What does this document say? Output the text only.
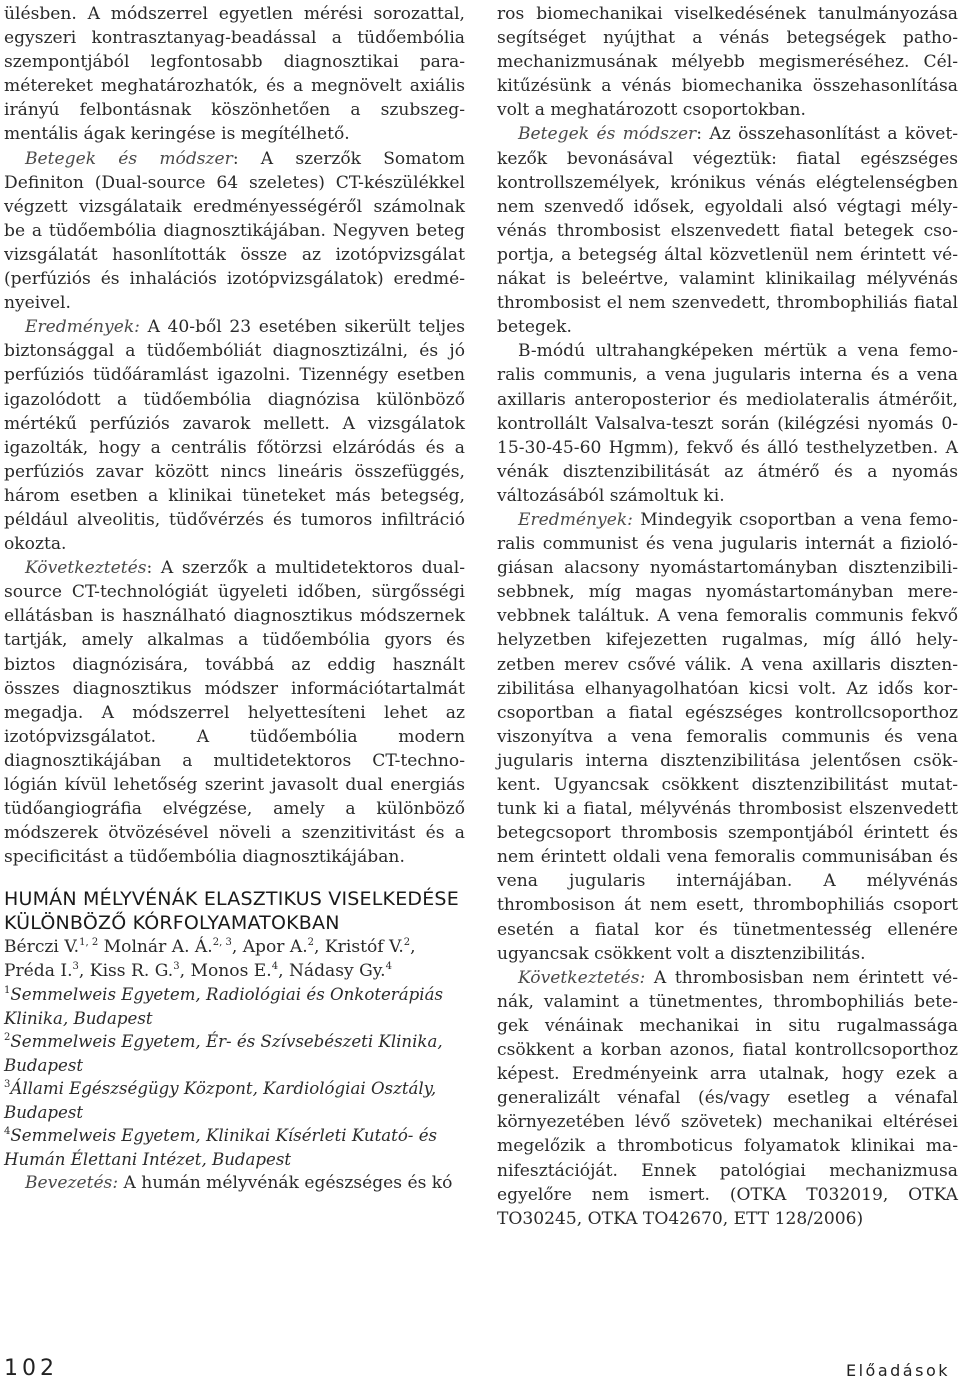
ülésben. A módszerrel egyetlen mérési sorozattal, egyszeri kontrasztanyag-beadással a tüdőembólia szempontjából legfontosabb diagnosztikai paramétereket meghatározhatók, és a megnövelt axiális irányú felbontásnak köszönhetően a szubszegmentális ágak keringése is megítélhető.

Betegek és módszer: A szerzők Somatom Definiton (Dual-source 64 szeletes) CT-készülékkel végzett vizsgálataik eredményességéről számolnak be a tüdőembólia diagnosztikájában. Negyven beteg vizsgálatát hasonlították össze az izotópvizsgálat (perfúziós és inhalációs izotópvizsgálatok) eredményeivel.

Eredmények: A 40-ből 23 esetében sikerült teljes biztonsággal a tüdőembóliát diagnosztizálni, és jó perfúziós tüdőáramlást igazolni. Tizennégy esetben igazolódott a tüdőembólia diagnózisa különböző mértékű perfúziós zavarok mellett. A vizsgálatok igazolták, hogy a centrális főtörzsi elzáródás és a perfúziós zavar között nincs lineáris összefüggés, három esetben a klinikai tüneteket más betegség, például alveolitis, tüdővérzés és tumoros infiltráció okozta.

Következtetés: A szerzők a multidetektoros dualsource CT-technológiát ügyeleti időben, sürgősségi ellátásban is használható diagnosztikus módszernek tartják, amely alkalmas a tüdőembólia gyors és biztos diagnózisára, továbbá az eddig használt összes diagnosztikus módszer információtartalmát megadja. A módszerrel helyettesíteni lehet az izotópvizsgálatot. A tüdőembólia modern diagnosztikájában a multidetektoros CT-technológián kívül lehetőség szerint javasolt dual energiás tüdőangiográfia elvégzése, amely a különböző módszerek ötvözésével növeli a szenzitivitást és a specificitást a tüdőembólia diagnosztikájában.

HUMÁN MÉLYVÉNÁK ELASZTIKUS VISELKEDÉSE KÜLÖNBÖZŐ KÓRFOLYAMATOKBAN
Bérczi V.$^{1, 2}$ Molnár A. Á.$^{2, 3}$, Apor A.$^2$, Kristóf V.$^2$, Préda I.$^3$, Kiss R. G.$^3$, Monos E.$^4$, Nádasy Gy.$^4$
$^1$Semmelweis Egyetem, Radiológiai és Onkoterápiás Klinika, Budapest
$^2$Semmelweis Egyetem, Ér- és Szívsebészeti Klinika, Budapest
$^3$Állami Egészségügy Központ, Kardiológiai Osztály, Budapest
$^4$Semmelweis Egyetem, Klinikai Kísérleti Kutató- és Humán Élettani Intézet, Budapest

Bevezetés: A humán mélyvénák egészséges és kó

ros biomechanikai viselkedésének tanulmányozása segítséget nyújthat a vénás betegségek pathomechanizmusának mélyebb megismeréséhez. Célkitűzésünk a vénás biomechanika összehasonlítása volt a meghatározott csoportokban.

Betegek és módszer: Az összehasonlítást a következők bevonásával végeztük: fiatal egészséges kontrollszemélyek, krónikus vénás elégtelenségben nem szenvedő idősek, egyoldali alsó végtagi mélyvénás thrombosist elszenvedett fiatal betegek csoportja, a betegség által közvetlenül nem érintett vénákat is beleértve, valamint klinikailag mélyvénás thrombosist el nem szenvedett, thrombophiliás fiatal betegek.

B-módú ultrahangképeken mértük a vena femoralis communis, a vena jugularis interna és a vena axillaris anteroposterior és mediolateralis átmérőit, kontrollált Valsalva-teszt során (kilégzési nyomás 0-15-30-45-60 Hgmm), fekvő és álló testhelyzetben. A vénák disztenzibilitását az átmérő és a nyomás változásából számoltuk ki.

Eredmények: Mindegyik csoportban a vena femoralis communist és vena jugularis internát a fiziológiásan alacsony nyomástartományban disztenzibilisebbnek, míg magas nyomástartományban merevebbnek találtuk. A vena femoralis communis fekvő helyzetben kifejezetten rugalmas, míg álló helyzetben merev csővé válik. A vena axillaris disztenzibilitása elhanyagolhatóan kicsi volt. Az idős korcsoportban a fiatal egészséges kontrollcsoporthoz viszonyítva a vena femoralis communis és vena jugularis interna disztenzibilitása jelentősen csökkent. Ugyancsak csökkent disztenzibilitást mutattunk ki a fiatal, mélyvénás thrombosist elszenvedett betegcsoport thrombosis szempontjából érintett és nem érintett oldali vena femoralis communisában és vena jugularis internájában. A mélyvénás thrombosison át nem esett, thrombophiliás csoport esetén a fiatal kor és tünetmentesség ellenére ugyancsak csökkent volt a disztenzibilitás.

Következtetés: A thrombosisban nem érintett vénák, valamint a tünetmentes, thrombophiliás betegek vénáinak mechanikai in situ rugalmassága csökkent a korban azonos, fiatal kontrollcsoporthoz képest. Eredményeink arra utalnak, hogy ezek a generalizált vénafal (és/vagy esetleg a vénafal környezetében lévő szövetek) mechanikai eltérései megelőzik a thromboticus folyamatok klinikai manifesztációját. Ennek patológiai mechanizmusa egyelőre nem ismert. (OTKA T032019, OTKA TO30245, OTKA TO42670, ETT 128/2006)

102	Előadások
